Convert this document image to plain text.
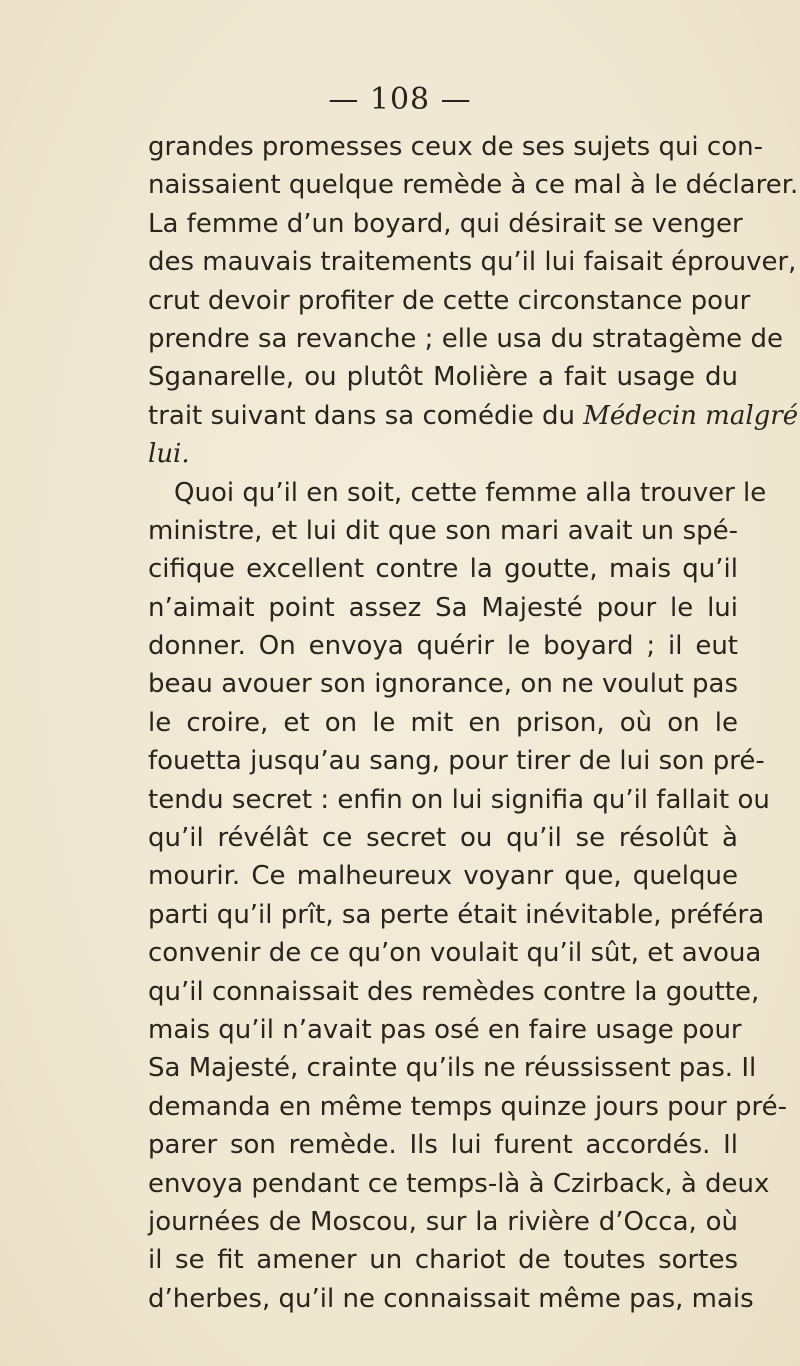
— 108 —
grandes promesses ceux de ses sujets qui con-
naissaient quelque remède à ce mal à le déclarer.
La femme d’un boyard, qui désirait se venger
des mauvais traitements qu’il lui faisait éprouver,
crut devoir profiter de cette circonstance pour
prendre sa revanche ; elle usa du stratagème de
Sganarelle, ou plutôt Molière a fait usage du
trait suivant dans sa comédie du Médecin malgré
lui.
Quoi qu’il en soit, cette femme alla trouver le
ministre, et lui dit que son mari avait un spé-
cifique excellent contre la goutte, mais qu’il
n’aimait point assez Sa Majesté pour le lui
donner. On envoya quérir le boyard ; il eut
beau avouer son ignorance, on ne voulut pas
le croire, et on le mit en prison, où on le
fouetta jusqu’au sang, pour tirer de lui son pré-
tendu secret : enfin on lui signifia qu’il fallait ou
qu’il révélât ce secret ou qu’il se résolût à
mourir. Ce malheureux voyanr que, quelque
parti qu’il prît, sa perte était inévitable, préféra
convenir de ce qu’on voulait qu’il sût, et avoua
qu’il connaissait des remèdes contre la goutte,
mais qu’il n’avait pas osé en faire usage pour
Sa Majesté, crainte qu’ils ne réussissent pas. Il
demanda en même temps quinze jours pour pré-
parer son remède. Ils lui furent accordés. Il
envoya pendant ce temps-là à Czirback, à deux
journées de Moscou, sur la rivière d’Occa, où
il se fit amener un chariot de toutes sortes
d’herbes, qu’il ne connaissait même pas, mais
